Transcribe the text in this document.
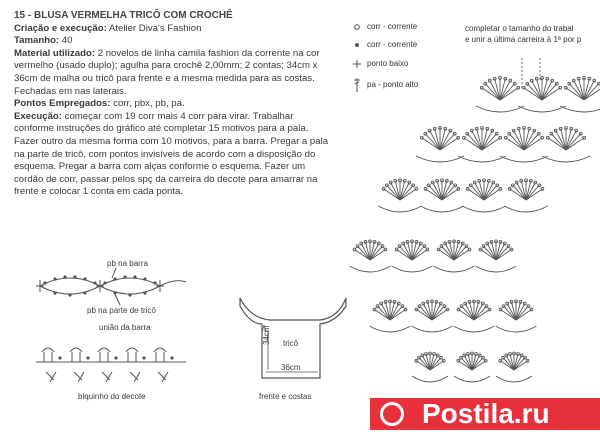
15 - BLUSA VERMELHA TRICÔ COM CROCHÊ

Criação e execução: Atelier Diva's Fashion

Tamanho: 40

Material utilizado: 2 novelos de linha camila fashion da corrente na cor vermelho (usado duplo); agulha para crochê 2,00mm; 2 contas; 34cm x 36cm de malha ou tricô para frente e a mesma medida para as costas. Fechadas em nas laterais.

Pontos Empregados: corr, pbx, pb, pa.

Execução: começar com 19 corr mais 4 corr para virar. Trabalhar conforme instruções do gráfico até completar 15 motivos para a pala. Fazer outro da mesma forma com 10 motivos, para a barra. Pregar a pala na parte de tricô, com pontos invisíveis de acordo com a disposição do esquema. Pregar a barra com alças conforme o esquema. Fazer um cordão de corr, passar pelos spç da carreira do decote para amarrar na frente e colocar 1 conta em cada ponta.

pb na barra
pb na parte de tricô
união da barra
biquinho do decote
34cm
36cm
tricô
frente e costas
corr - corrente
corr - corrente
ponto baixo
pa - ponto alto
completar o tamanho do trabal
e unir a última carreira à 1ª por p
Postila.ru
